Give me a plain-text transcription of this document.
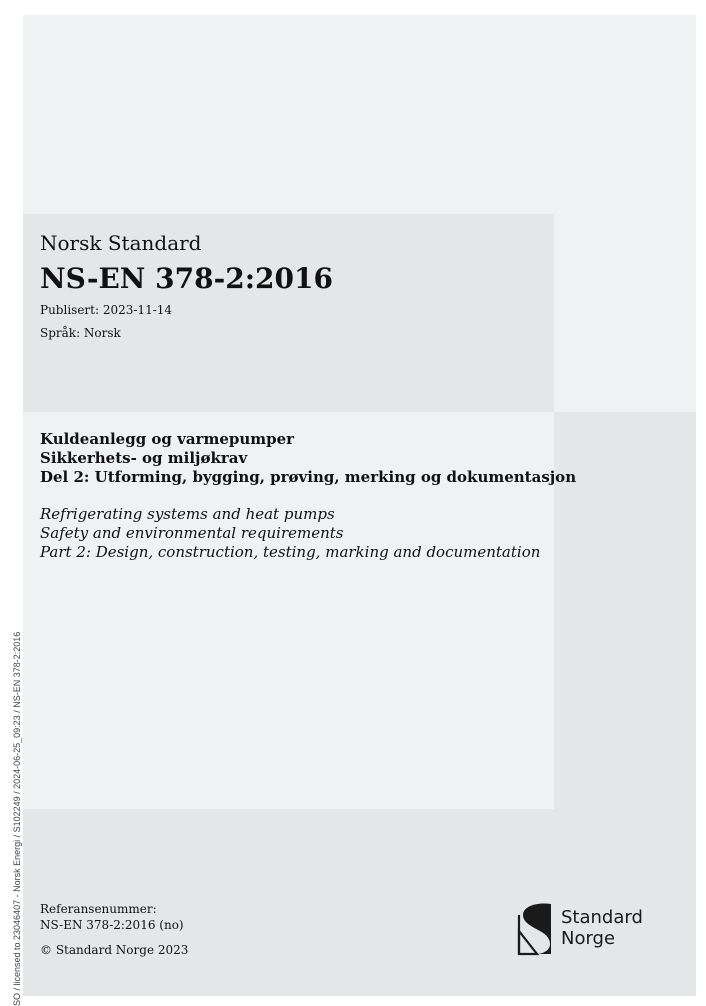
Norsk Standard
NS-EN 378-2:2016
Publisert: 2023-11-14
Språk: Norsk
Kuldeanlegg og varmepumper
Sikkerhets- og miljøkrav
Del 2: Utforming, bygging, prøving, merking og dokumentasjon
Refrigerating systems and heat pumps
Safety and environmental requirements
Part 2: Design, construction, testing, marking and documentation
Referansenummer:
NS-EN 378-2:2016 (no)
© Standard Norge 2023
Standard
Norge
SO / licensed to 23046407 - Norsk Energi / S102249 / 2024-06-25_09:23 / NS-EN 378-2:2016
